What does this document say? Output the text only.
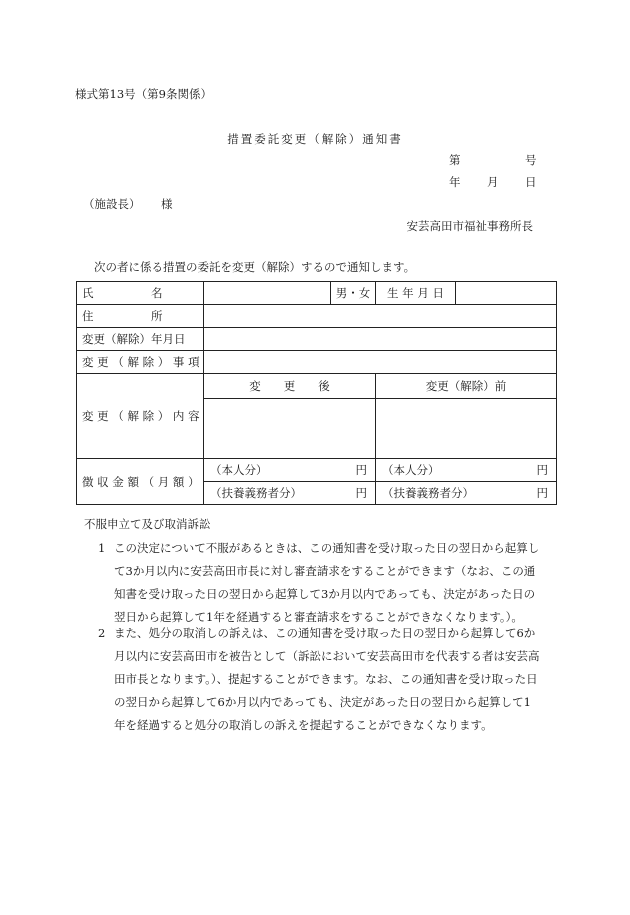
様式第13号（第9条関係）
措置委託変更（解除）通知書
第	号
年 月 日
（施設長） 様
安芸高田市福祉事務所長
次の者に係る措置の委託を変更（解除）するので通知します。
氏　　　　　名		男・女	生 年 月 日	
住　　　　　所				
変更（解除）年月日				
変 更 （ 解 除 ） 事 項				
変 更 （ 解 除 ） 内 容	変　　更　　後		変更（解除）前	

徴 収 金 額 （ 月 額 ）	（本人分） 円		（本人分） 円	

	（扶養義務者分） 円		（扶養義務者分） 円	
不服申立て及び取消訴訟
1 この決定について不服があるときは、この通知書を受け取った日の翌日から起算して3か月以内に安芸高田市長に対し審査請求をすることができます（なお、この通知書を受け取った日の翌日から起算して3か月以内であっても、決定があった日の翌日から起算して1年を経過すると審査請求をすることができなくなります。）。
2 また、処分の取消しの訴えは、この通知書を受け取った日の翌日から起算して6か月以内に安芸高田市を被告として（訴訟において安芸高田市を代表する者は安芸高田市長となります。）、提起することができます。なお、この通知書を受け取った日の翌日から起算して6か月以内であっても、決定があった日の翌日から起算して1年を経過すると処分の取消しの訴えを提起することができなくなります。
